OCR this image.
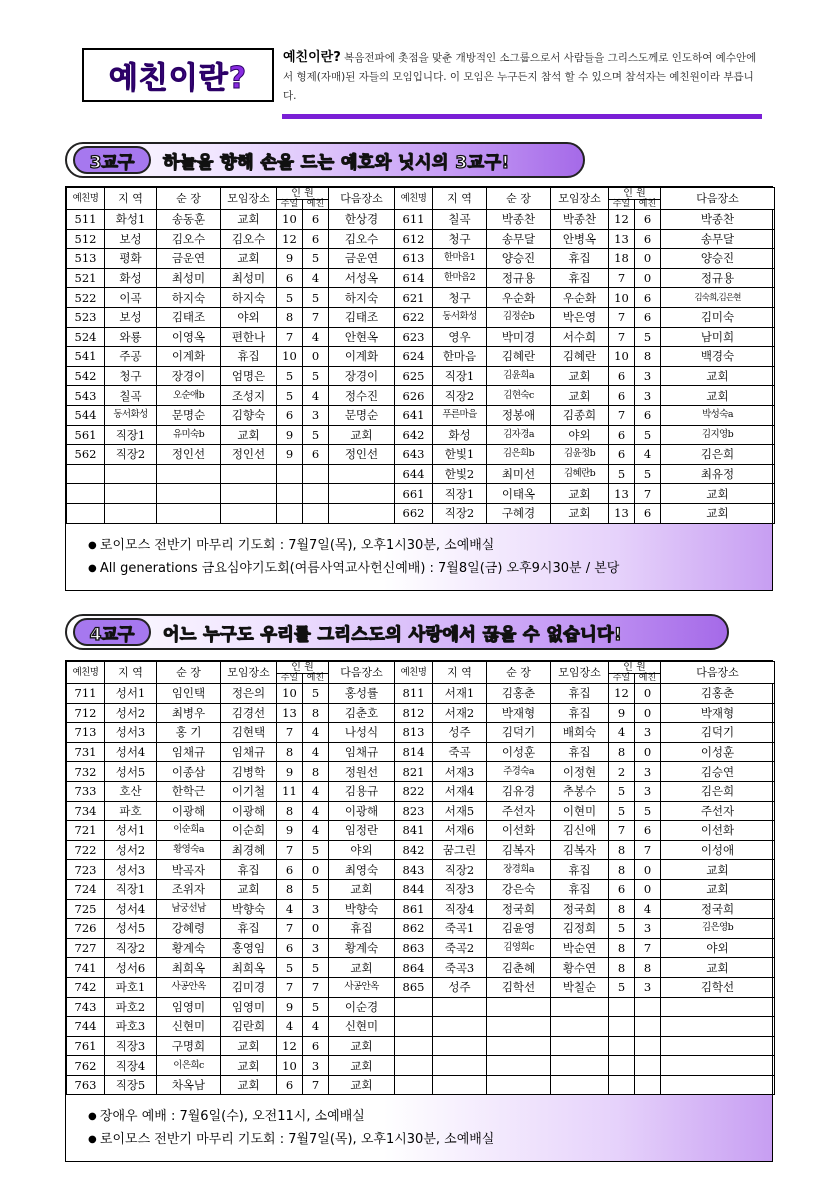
예친이란?
예친이란? 복음전파에 촛점을 맞춘 개방적인 소그룹으로서 사람들을 그리스도께로 인도하여 예수안에서 형제(자매)된 자들의 모임입니다. 이 모임은 누구든지 참석 할 수 있으며 참석자는 예친원이라 부릅니다.
3교구	하늘을 향해 손을 드는 예호와 닛시의 3교구!
예친명	지 역	순 장	모임장소	인 원
주일 예친		다음장소	예친명	지 역	순 장	모임장소	인 원
주일 예친		다음장소
511	화성1	송동훈	교회	10	6	한상경	611	칠곡	박종찬	박종찬	12	6	박종찬
512	보성	김오수	김오수	12	6	김오수	612	청구	송무달	안병옥	13	6	송무달
513	평화	금운연	교회	9	5	금운연	613	한마음1	양승진	휴집	18	0	양승진
521	화성	최성미	최성미	6	4	서성옥	614	한마음2	정규용	휴집	7	0	정규용
522	이곡	하지숙	하지숙	5	5	하지숙	621	청구	우순화	우순화	10	6	김숙희,김은현
523	보성	김태조	야외	8	7	김태조	622	동서화성	김정순b	박은영	7	6	김미숙
524	와룡	이영옥	편한나	7	4	안현옥	623	영우	박미경	서수희	7	5	남미희
541	주공	이계화	휴집	10	0	이계화	624	한마음	김혜란	김혜란	10	8	백경숙
542	청구	장경이	엄명은	5	5	장경이	625	직장1	김윤희a	교회	6	3	교회
543	칠곡	오순애b	조성지	5	4	정수진	626	직장2	김현숙c	교회	6	3	교회
544	동서화성	문명순	김향숙	6	3	문명순	641	푸른마을	정봉애	김종희	7	6	박성숙a
561	직장1	유미숙b	교회	9	5	교회	642	화성	김자경a	야외	6	5	김지영b
562	직장2	정인선	정인선	9	6	정인선	643	한빛1	김은희b	김윤정b	6	4	김은희
							644	한빛2	최미선	김혜란b	5	5	최유정
							661	직장1	이태옥	교회	13	7	교회
							662	직장2	구혜경	교회	13	6	교회
● 로이모스 전반기 마무리 기도회 : 7월7일(목), 오후1시30분, 소예배실
● All generations 금요심야기도회(여름사역교사헌신예배) : 7월8일(금) 오후9시30분 / 본당
4교구	어느 누구도 우리를 그리스도의 사랑에서 끊을 수 없습니다!
예친명	지 역	순 장	모임장소	인 원
주일 예친		다음장소	예친명	지 역	순 장	모임장소	인 원
주일 예친		다음장소
711	성서1	임인택	정은의	10	5	홍성률	811	서재1	김홍춘	휴집	12	0	김홍춘
712	성서2	최병우	김경선	13	8	김춘호	812	서재2	박재형	휴집	9	0	박재형
713	성서3	홍 기	김현택	7	4	나성식	813	성주	김덕기	배희숙	4	3	김덕기
731	성서4	임채규	임채규	8	4	임채규	814	죽곡	이성훈	휴집	8	0	이성훈
732	성서5	이종삼	김병학	9	8	정원선	821	서재3	주경숙a	이정현	2	3	김승연
733	호산	한학근	이기철	11	4	김용규	822	서재4	김유경	추봉수	5	3	김은희
734	파호	이광해	이광해	8	4	이광해	823	서재5	주선자	이현미	5	5	주선자
721	성서1	이순희a	이순희	9	4	임정란	841	서재6	이선화	김신애	7	6	이선화
722	성서2	황영숙a	최경혜	7	5	야외	842	꿈그린	김복자	김복자	8	7	이성애
723	성서3	박곡자	휴집	6	0	최영숙	843	직장2	장경희a	휴집	8	0	교회
724	직장1	조위자	교회	8	5	교회	844	직장3	강은숙	휴집	6	0	교회
725	성서4	남궁선남	박향숙	4	3	박향숙	861	직장4	정국희	정국희	8	4	정국희
726	성서5	강혜령	휴집	7	0	휴집	862	죽곡1	김윤영	김정희	5	3	김은영b
727	직장2	황계숙	홍영임	6	3	황계숙	863	죽곡2	김영희c	박순연	8	7	야외
741	성서6	최희옥	최희옥	5	5	교회	864	죽곡3	김춘혜	황수연	8	8	교회
742	파호1	사공안옥	김미경	7	7	사공안옥	865	성주	김학선	박칠순	5	3	김학선
743	파호2	임영미	임영미	9	5	이순경							
744	파호3	신현미	김란희	4	4	신현미							
761	직장3	구명희	교회	12	6	교회							
762	직장4	이은희c	교회	10	3	교회							
763	직장5	차옥남	교회	6	7	교회							
● 장애우 예배 : 7월6일(수), 오전11시, 소예배실
● 로이모스 전반기 마무리 기도회 : 7월7일(목), 오후1시30분, 소예배실
